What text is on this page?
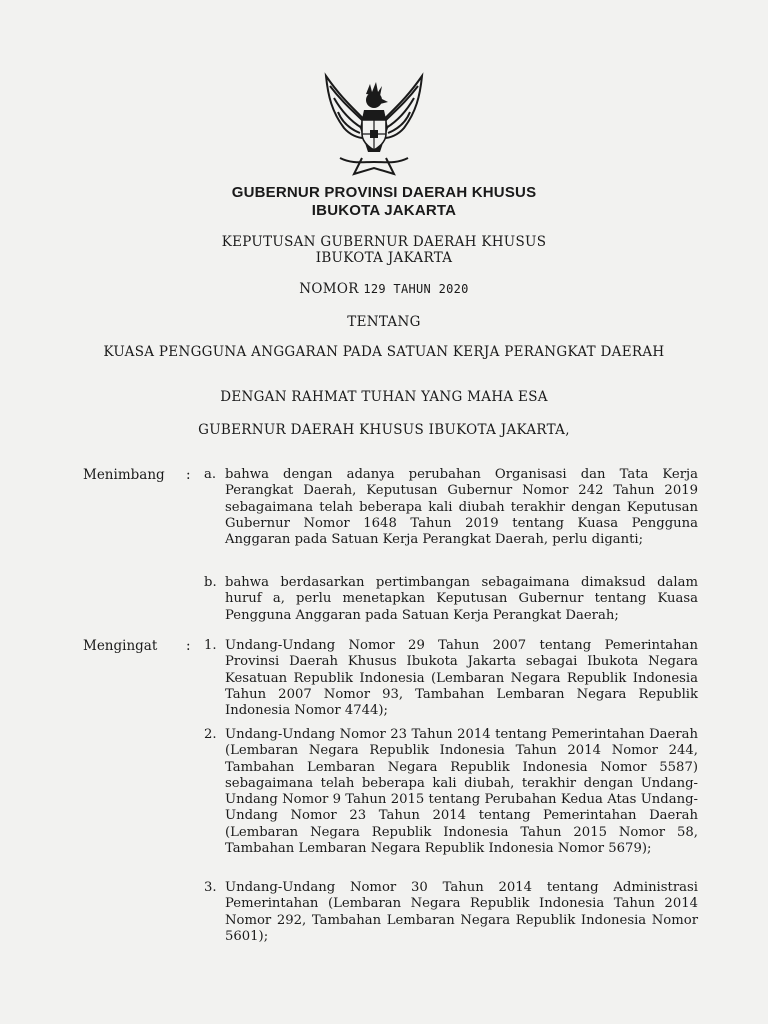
GUBERNUR PROVINSI DAERAH KHUSUS
IBUKOTA JAKARTA
KEPUTUSAN GUBERNUR DAERAH KHUSUS
IBUKOTA JAKARTA
NOMOR 129 TAHUN 2020
TENTANG
KUASA PENGGUNA ANGGARAN PADA SATUAN KERJA PERANGKAT DAERAH
DENGAN RAHMAT TUHAN YANG MAHA ESA
GUBERNUR DAERAH KHUSUS IBUKOTA JAKARTA,
Menimbang : a. bahwa dengan adanya perubahan Organisasi dan Tata Kerja Perangkat Daerah, Keputusan Gubernur Nomor 242 Tahun 2019 sebagaimana telah beberapa kali diubah terakhir dengan Keputusan Gubernur Nomor 1648 Tahun 2019 tentang Kuasa Pengguna Anggaran pada Satuan Kerja Perangkat Daerah, perlu diganti;
b. bahwa berdasarkan pertimbangan sebagaimana dimaksud dalam huruf a, perlu menetapkan Keputusan Gubernur tentang Kuasa Pengguna Anggaran pada Satuan Kerja Perangkat Daerah;
Mengingat : 1. Undang-Undang Nomor 29 Tahun 2007 tentang Pemerintahan Provinsi Daerah Khusus Ibukota Jakarta sebagai Ibukota Negara Kesatuan Republik Indonesia (Lembaran Negara Republik Indonesia Tahun 2007 Nomor 93, Tambahan Lembaran Negara Republik Indonesia Nomor 4744);
2. Undang-Undang Nomor 23 Tahun 2014 tentang Pemerintahan Daerah (Lembaran Negara Republik Indonesia Tahun 2014 Nomor 244, Tambahan Lembaran Negara Republik Indonesia Nomor 5587) sebagaimana telah beberapa kali diubah, terakhir dengan Undang-Undang Nomor 9 Tahun 2015 tentang Perubahan Kedua Atas Undang-Undang Nomor 23 Tahun 2014 tentang Pemerintahan Daerah (Lembaran Negara Republik Indonesia Tahun 2015 Nomor 58, Tambahan Lembaran Negara Republik Indonesia Nomor 5679);
3. Undang-Undang Nomor 30 Tahun 2014 tentang Administrasi Pemerintahan (Lembaran Negara Republik Indonesia Tahun 2014 Nomor 292, Tambahan Lembaran Negara Republik Indonesia Nomor 5601);
